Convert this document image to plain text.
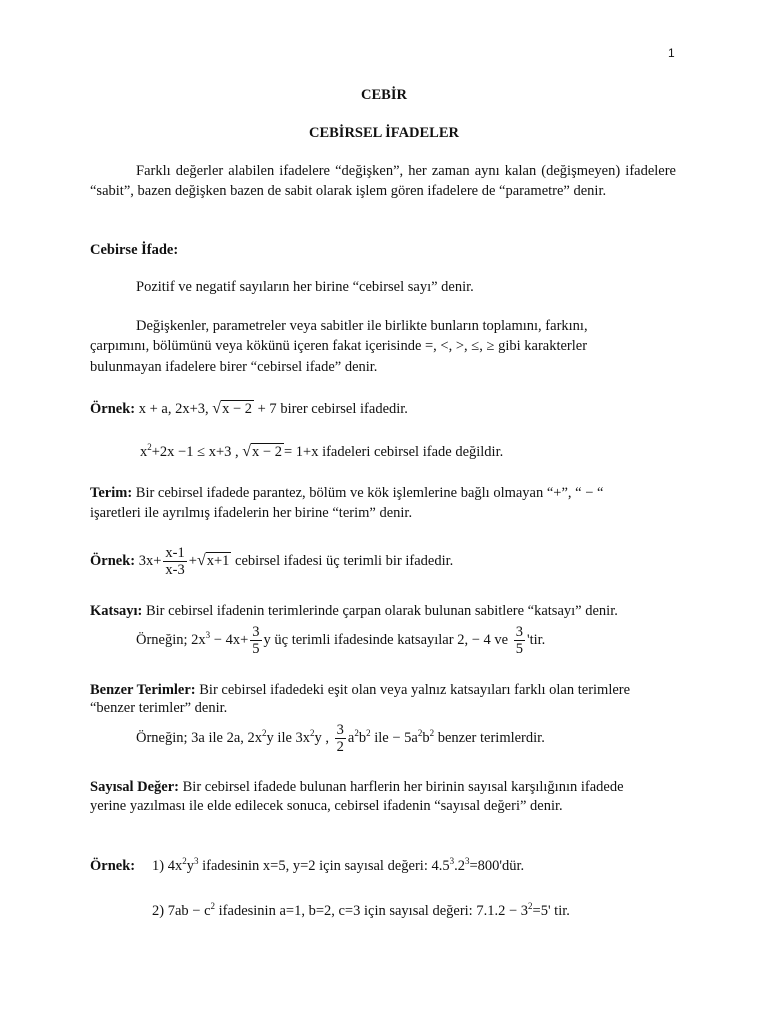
1
CEBİR
CEBİRSEL İFADELER
Farklı değerler alabilen ifadelere “değişken”, her zaman aynı kalan (değişmeyen) ifadelere “sabit”, bazen değişken bazen de sabit olarak işlem gören ifadelere de “parametre” denir.
Cebirse İfade:
Pozitif ve negatif sayıların her birine “cebirsel sayı” denir.
Değişkenler, parametreler veya sabitler ile birlikte bunların toplamını, farkını,
çarpımını, bölümünü veya kökünü içeren fakat içerisinde =, <, >, ≤, ≥ gibi karakterler
bulunmayan ifadelere birer “cebirsel ifade” denir.
Örnek: x + a, 2x+3, √x − 2 + 7 birer cebirsel ifadedir.
$x^2+2x -1 \le x+3$ , √x − 2 = 1+x ifadeleri cebirsel ifade değildir.
Terim: Bir cebirsel ifadede parantez, bölüm ve kök işlemlerine bağlı olmayan “+”, “ − “
işaretleri ile ayrılmış ifadelerin her birine “terim” denir.
Örnek: $3x+ \frac{x-1}{x-3} +√x+1$ cebirsel ifadesi üç terimli bir ifadedir.
Katsayı: Bir cebirsel ifadenin terimlerinde çarpan olarak bulunan sabitlere “katsayı” denir.
Örneğin; $2x^3 - 4x+ \frac{3}{5}$ y üç terimli ifadesinde katsayılar 2, − 4 ve $\frac{3}{5}$ 'tir.
Benzer Terimler: Bir cebirsel ifadedeki eşit olan veya yalnız katsayıları farklı olan terimlere
“benzer terimler” denir.
Örneğin; 3a ile 2a, $2x^2y$ ile $3x^2y$ , $\frac{3}{2} a^2b^2$ ile − $5a^2b^2$ benzer terimlerdir.
Sayısal Değer: Bir cebirsel ifadede bulunan harflerin her birinin sayısal karşılığının ifadede
yerine yazılması ile elde edilecek sonuca, cebirsel ifadenin “sayısal değeri” denir.
Örnek: 1) $4x^2y^3$ ifadesinin x=5, y=2 için sayısal değeri: $4.5^3.2^3=800'dür$.
2) $7ab - c^2$ ifadesinin a=1, b=2, c=3 için sayısal değeri: $7.1.2 - 3^2=5'$ tir.
